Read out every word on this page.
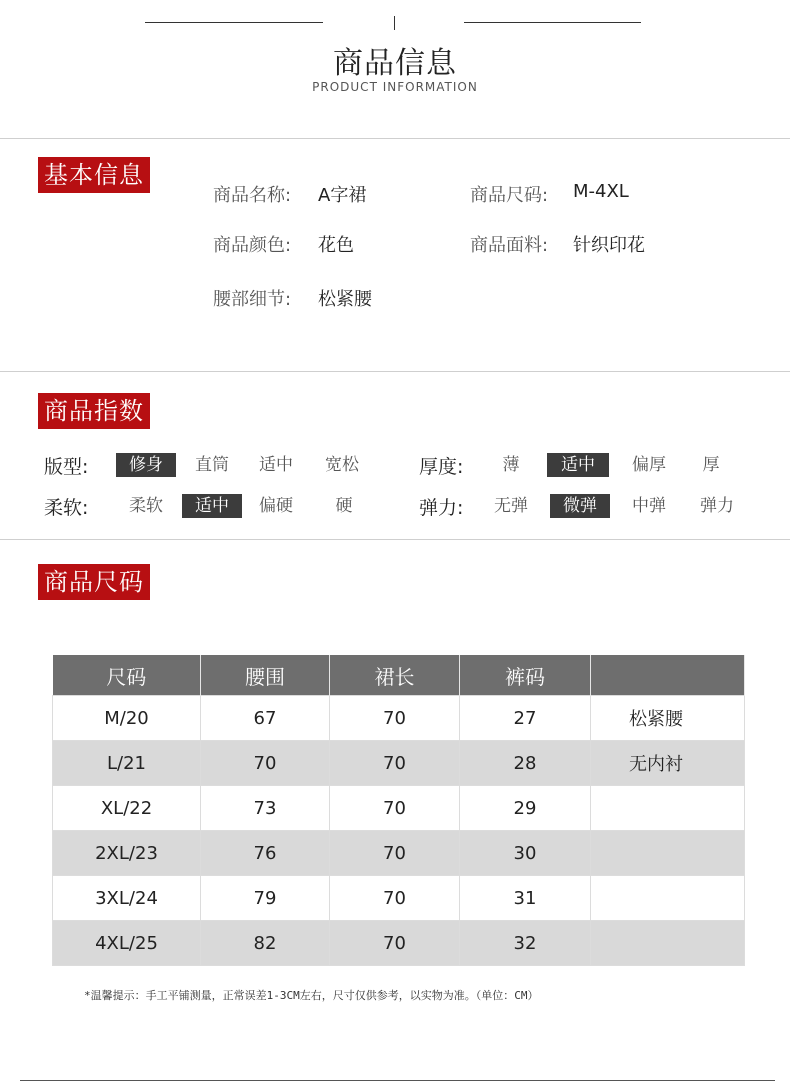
商品信息
PRODUCT INFORMATION
基本信息
商品名称: A字裙	商品尺码: M-4XL
商品颜色: 花色	商品面料: 针织印花
腰部细节: 松紧腰
商品指数
版型:	修身	直筒	适中	宽松	厚度:	薄	适中	偏厚	厚
柔软:	柔软	适中	偏硬	硬	弹力:	无弹	微弹	中弹	弹力
商品尺码
尺码	腰围	裙长	裤码	
M/20	67	70	27	松紧腰
L/21	70	70	28	无内衬
XL/22	73	70	29	
2XL/23	76	70	30	
3XL/24	79	70	31	
4XL/25	82	70	32	
*温馨提示：手工平铺测量，正常误差1-3CM左右，尺寸仅供参考，以实物为准。（单位：CM）
